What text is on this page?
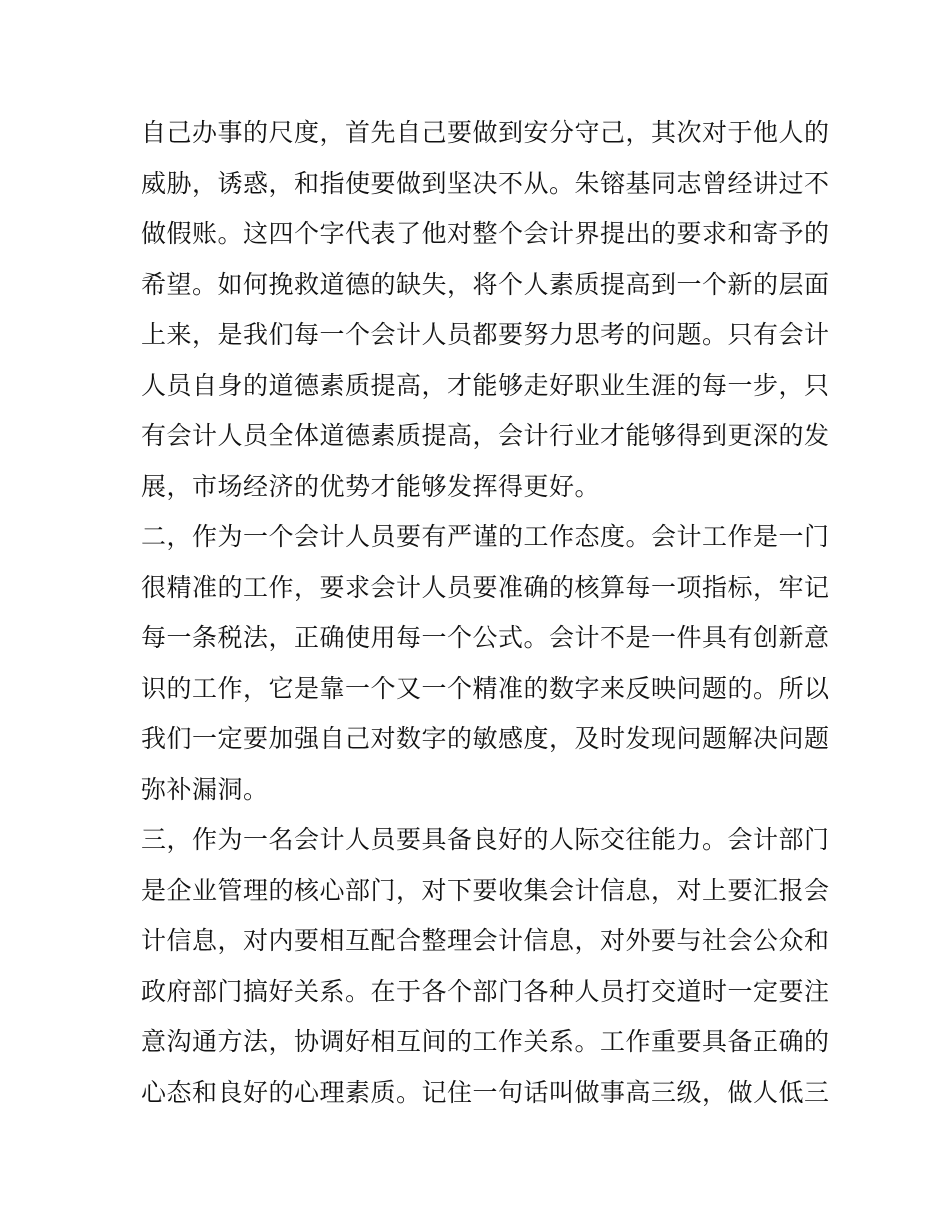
自己办事的尺度，首先自己要做到安分守己，其次对于他人的
威胁，诱惑，和指使要做到坚决不从。朱镕基同志曾经讲过不
做假账。这四个字代表了他对整个会计界提出的要求和寄予的
希望。如何挽救道德的缺失，将个人素质提高到一个新的层面
上来，是我们每一个会计人员都要努力思考的问题。只有会计
人员自身的道德素质提高，才能够走好职业生涯的每一步，只
有会计人员全体道德素质提高，会计行业才能够得到更深的发
展，市场经济的优势才能够发挥得更好。
二，作为一个会计人员要有严谨的工作态度。会计工作是一门
很精准的工作，要求会计人员要准确的核算每一项指标，牢记
每一条税法，正确使用每一个公式。会计不是一件具有创新意
识的工作，它是靠一个又一个精准的数字来反映问题的。所以
我们一定要加强自己对数字的敏感度，及时发现问题解决问题
弥补漏洞。
三，作为一名会计人员要具备良好的人际交往能力。会计部门
是企业管理的核心部门，对下要收集会计信息，对上要汇报会
计信息，对内要相互配合整理会计信息，对外要与社会公众和
政府部门搞好关系。在于各个部门各种人员打交道时一定要注
意沟通方法，协调好相互间的工作关系。工作重要具备正确的
心态和良好的心理素质。记住一句话叫做事高三级，做人低三
